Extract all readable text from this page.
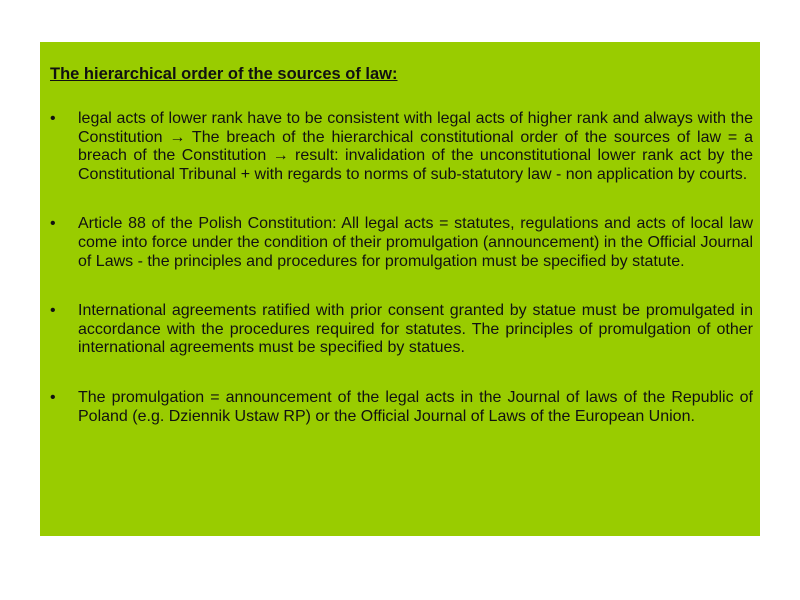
The hierarchical order of the sources of law:
•	legal acts of lower rank have to be consistent with legal acts of higher rank and always with the Constitution → The breach of the hierarchical constitutional order of the sources of law = a breach of the Constitution → result: invalidation of the unconstitutional lower rank act by the Constitutional Tribunal + with regards to norms of sub-statutory law - non application by courts.
•	Article 88 of the Polish Constitution: All legal acts = statutes, regulations and acts of local law come into force under the condition of their promulgation (announcement) in the Official Journal of Laws - the principles and procedures for promulgation must be specified by statute.
•	International agreements ratified with prior consent granted by statue must be promulgated in accordance with the procedures required for statutes. The principles of promulgation of other international agreements must be specified by statues.
•	The promulgation = announcement of the legal acts in the Journal of laws of the Republic of Poland (e.g. Dziennik Ustaw RP) or the Official Journal of Laws of the European Union.
